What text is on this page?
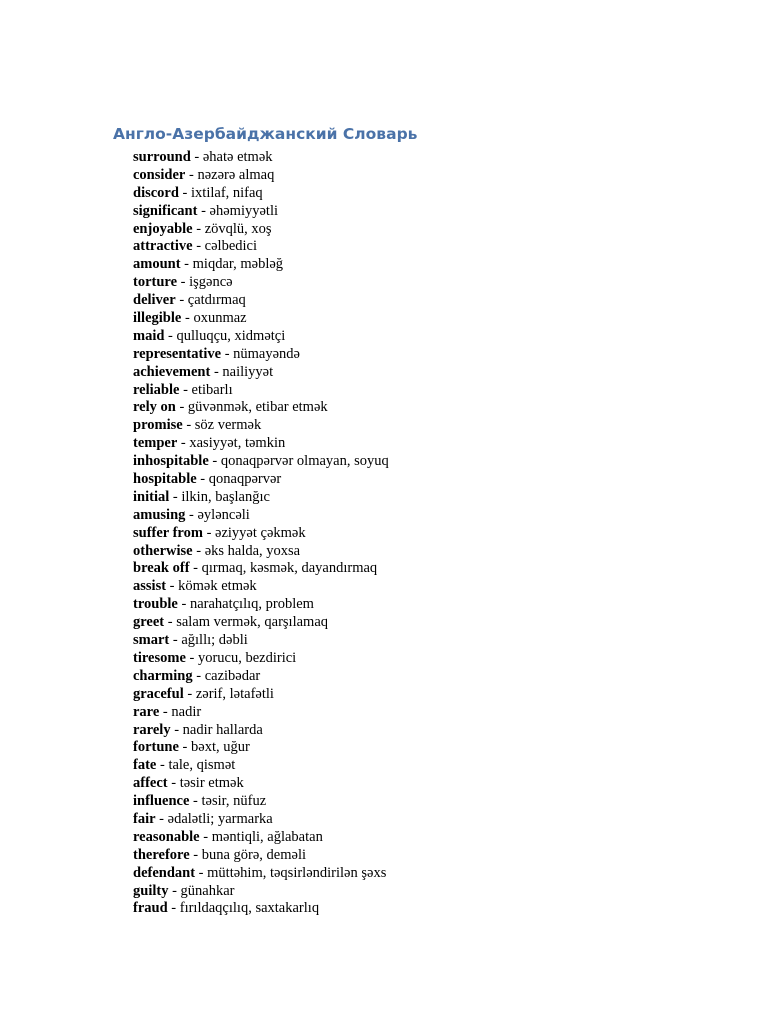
Англо-Азербайджанский Словарь
surround - əhatə etmək
consider - nəzərə almaq
discord - ixtilaf, nifaq
significant - əhəmiyyətli
enjoyable - zövqlü, xoş
attractive - cəlbedici
amount - miqdar, məbləğ
torture - işgəncə
deliver - çatdırmaq
illegible - oxunmaz
maid - qulluqçu, xidmətçi
representative - nümayəndə
achievement - nailiyyət
reliable - etibarlı
rely on - güvənmək, etibar etmək
promise - söz vermək
temper - xasiyyət, təmkin
inhospitable - qonaqpərvər olmayan, soyuq
hospitable - qonaqpərvər
initial - ilkin, başlanğıc
amusing - əyləncəli
suffer from - əziyyət çəkmək
otherwise - əks halda, yoxsa
break off - qırmaq, kəsmək, dayandırmaq
assist - kömək etmək
trouble - narahatçılıq, problem
greet - salam vermək, qarşılamaq
smart - ağıllı; dəbli
tiresome - yorucu, bezdirici
charming - cazibədar
graceful - zərif, lətafətli
rare - nadir
rarely - nadir hallarda
fortune - bəxt, uğur
fate - tale, qismət
affect - təsir etmək
influence - təsir, nüfuz
fair - ədalətli; yarmarka
reasonable - məntiqli, ağlabatan
therefore - buna görə, deməli
defendant - müttəhim, təqsirləndirilən şəxs
guilty - günahkar
fraud - fırıldaqçılıq, saxtakarlıq
